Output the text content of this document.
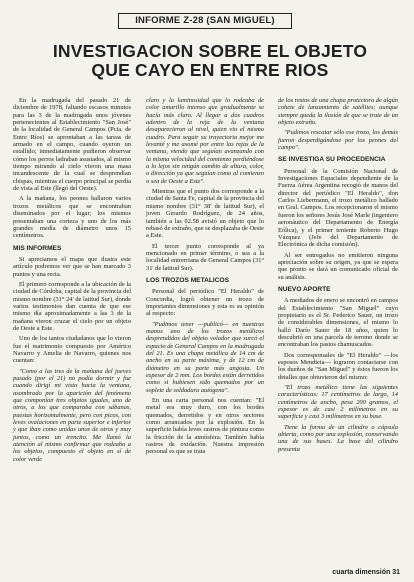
INFORME Z-28 (SAN MIGUEL)
INVESTIGACION SOBRE EL OBJETO QUE CAYO EN ENTRE RIOS

En la madrugada del pasado 21 de diciembre de 1978, faltando escasos minutos para las 3 de la madrugada unos jóvenes pertenecientes al Establecimiento "San José" de la localidad de General Campos (Pcia. de Entre Ríos) se aprontaban a las tareas de armado en el campo, cuando oyeron un estallido; inmediatamente pudieron observar cómo los perros ladraban asustados, al mismo tiempo mirando al cielo vieron una masa incandescente de la cual se desprendían chispas, mientras el cuerpo principal se perdía de vista al Este (llegó del Oeste).

A la mañana, los peones hallaron varios trozos metálicos que se encontraban diseminados por el lugar; los mismos presentaban una corteza y uno de los más grandes medía de diámetro unos 15 centímetros.

MIS INFORMES

Si apreciamos el mapa que ilustra este artículo podremos ver que se han marcado 3 puntos y una recta.

El primero corresponde a la ubicación de la ciudad de Córdoba, capital de la provincia del mismo nombre (31° 24' de latitud Sur), donde varios testimonios dan cuenta de que ese mismo día aproximadamente a las 3 de la mañana vieron cruzar el cielo por un objeto de Oeste a Este.

Uno de los tantos ciudadanos que lo vieron fue el matrimonio compuesto por Américo Navarro y Amelia de Navarro, quienes nos cuentan:

"Como a las tres de la mañana del jueves pasado (por el 21) no podía dormir y fue cuando dirigí mi vista hacia la ventana, asombrado por la aparición del fenómeno que componían tres objetos iguales, uno de otros, a los que comparaba con sábanas, puestas horizontalmente, pero con picos, con leves ovalaciones en parte superior e inferior y que iban como unidas unos de otros y muy juntos, como un trencito. Me llamó la atención al mismo confirmar que rodeaba a los objetos, compuesto el objeto en sí de color verde

claro y la luminosidad que lo rodeaba de color amarillo intenso que gradualmente se hacía más claro. Al llegar a dos cuadros adentro de la reja de la ventana desaparecieron al nivel, quien vio el mismo cuadro. Para seguir su trayectoria mejor me levanté y me asomé por entre las rejas de la ventana, viendo que seguían avanzando con la misma velocidad del comienzo perdiéndose a lo lejos sin ningún cambio de altura, color, o dirección ya que seguían como al comienzo o sea de Oeste a Este".

Mientras que el punto dos corresponde a la ciudad de Santa Fe, capital de la provincia del mismo nombre (31° 38' de latitud Sur), el joven Gerardo Rodríguez, de 24 años, también a las 02.58 avistó un objeto que lo rebasó de extraño, que se desplazaba de Oeste a Este.

El tercer punto corresponde al ya mencionado en primer término, o sea a la localidad entrerriana de General Campos (31° 31' de latitud Sur).

LOS TROZOS METALICOS

Personal del periódico "El Heraldo" de Concordia, logró obtener un trozo de importantes dimensiones y esta es su opinión al respecto:

"Pudimos tener —publicó— en nuestras manos uno de los trozos metálicos desprendidos del objeto volador que surcó el espacio de General Campos en la madrugada del 21. Es una chapa metálica de 14 cm de ancho en su parte máxima, y de 12 cm de diámetro en su parte más angosta. Un espesor de 2 mm. Los bordes están derretidos como si hubiesen sido quemados por un soplete de soldadura autógena".

En una carta personal nos cuentan: "El metal era muy duro, con los bordes quemados, derretidos y en otros sectores como arrancados por la explosión. En la superficie había leves rastros de pintura como la fricción de la atmósfera. También había rastros de oxidación. Nuestra impresión personal es que se trata

de los restos de una chapa protectora de algún cohete de lanzamiento de satélites; aunque siempre queda la ilusión de que se trate de un objeto extraño.

"Pudimos rescatar sólo ese trozo, los demás fueron desperdigándose por los peones del campo".

SE INVESTIGA SU PROCEDENCIA

Personal de la Comisión Nacional de Investigaciones Espaciales dependiente de la Fuerza Aérea Argentina recogió de manos del director del periódico "El Heraldo", don Carlos Liebermann, el trozo metálico hallado en Gral. Campos. Los recepcionaron el mismo fueron los señores Jesús José Marle (ingeniero aeronáutico del Departamento de Energía Eólica), y el primer teniente Roberto Hugo Vázquez (Jefe del Departamento de Electrónica de dicha comisión).

Al ser entregados no emitieron ninguna apreciación sobre su origen, ya que se espera que pronto se dará un comunicado oficial de su análisis.

NUEVO APORTE

A mediados de enero se encontró en campos del Establecimiento "San Miguel" cuyo propietario es el Sr. Federico Sauer, un trozo de considerables dimensiones, el mismo lo halló Darío Sauer de 18 años, quien lo descubrió en una parcela de terreno donde se encontraban los pastos chamuscados.

Dos corresponsales de "El Heraldo" —los esposos Mendieta— lograron contactarse con los dueños de "San Miguel" y éstos fueron los detalles que obtuvieron del mismo:

"El trozo metálico tiene las siguientes características: 17 centímetros de largo, 14 centímetros de ancho, pesa 200 gramos, el espesor es de casi 2 milímetros en su superficie y casi 3 milímetros en su base.

Tiene la forma de un cilindro o cápsula abierta, como por una explosión, conservando una de sus bases. La base del cilindro presenta

cuarta dimensión 31
